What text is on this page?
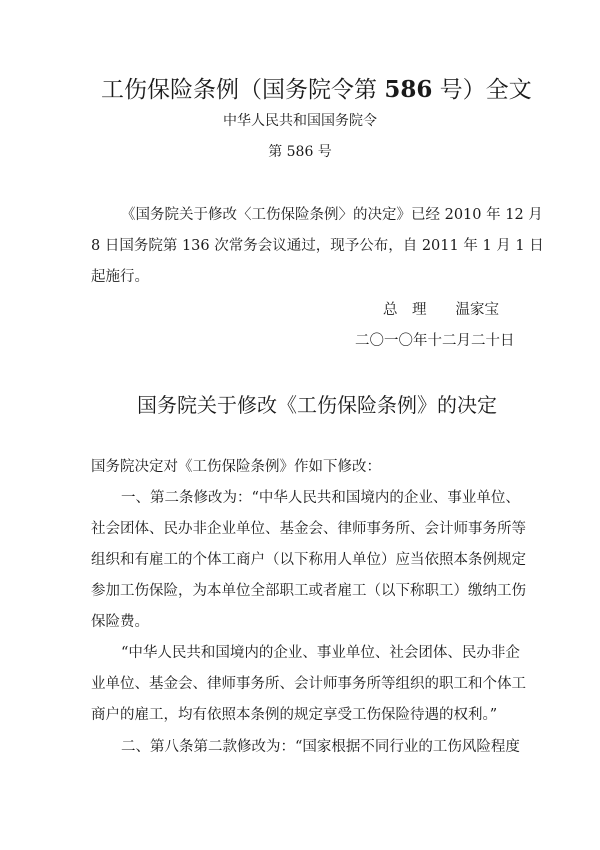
工伤保险条例（国务院令第 586 号）全文
中华人民共和国国务院令
第 586 号
《国务院关于修改〈工伤保险条例〉的决定》已经 2010 年 12 月
8 日国务院第 136 次常务会议通过，现予公布，自 2011 年 1 月 1 日
起施行。
总　理　　温家宝
二〇一〇年十二月二十日
国务院关于修改《工伤保险条例》的决定
国务院决定对《工伤保险条例》作如下修改：
一、第二条修改为：“中华人民共和国境内的企业、事业单位、
社会团体、民办非企业单位、基金会、律师事务所、会计师事务所等
组织和有雇工的个体工商户（以下称用人单位）应当依照本条例规定
参加工伤保险，为本单位全部职工或者雇工（以下称职工）缴纳工伤
保险费。
“中华人民共和国境内的企业、事业单位、社会团体、民办非企
业单位、基金会、律师事务所、会计师事务所等组织的职工和个体工
商户的雇工，均有依照本条例的规定享受工伤保险待遇的权利。”
二、第八条第二款修改为：“国家根据不同行业的工伤风险程度
